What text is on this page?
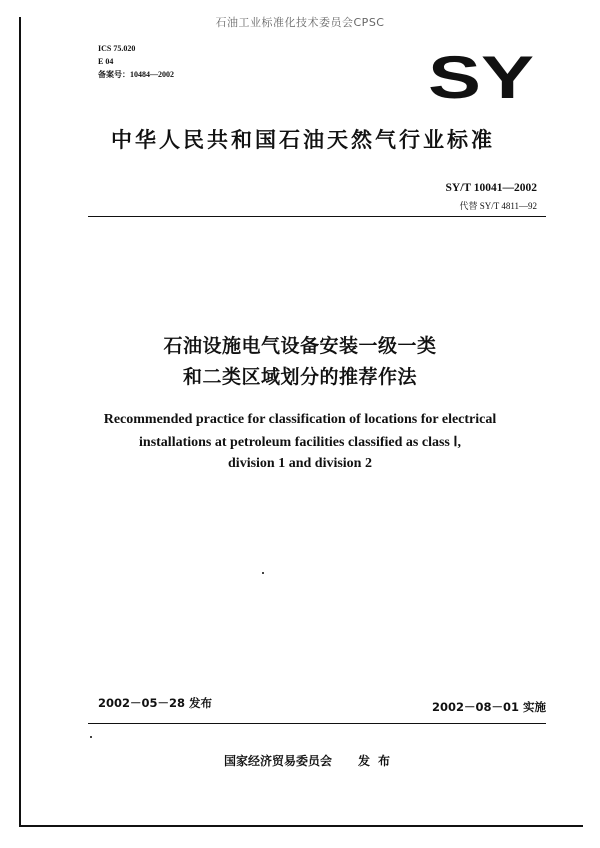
石油工业标准化技术委员会CPSC
ICS 75.020
E 04
备案号：10484—2002	SY
中华人民共和国石油天然气行业标准
SY/T 10041—2002
代替 SY/T 4811—92
石油设施电气设备安装一级一类
和二类区域划分的推荐作法
Recommended practice for classification of locations for electrical
installations at petroleum facilities classified as class Ⅰ,
division 1 and division 2
2002－05－28 发布	2002－08－01 实施
国家经济贸易委员会 发布
